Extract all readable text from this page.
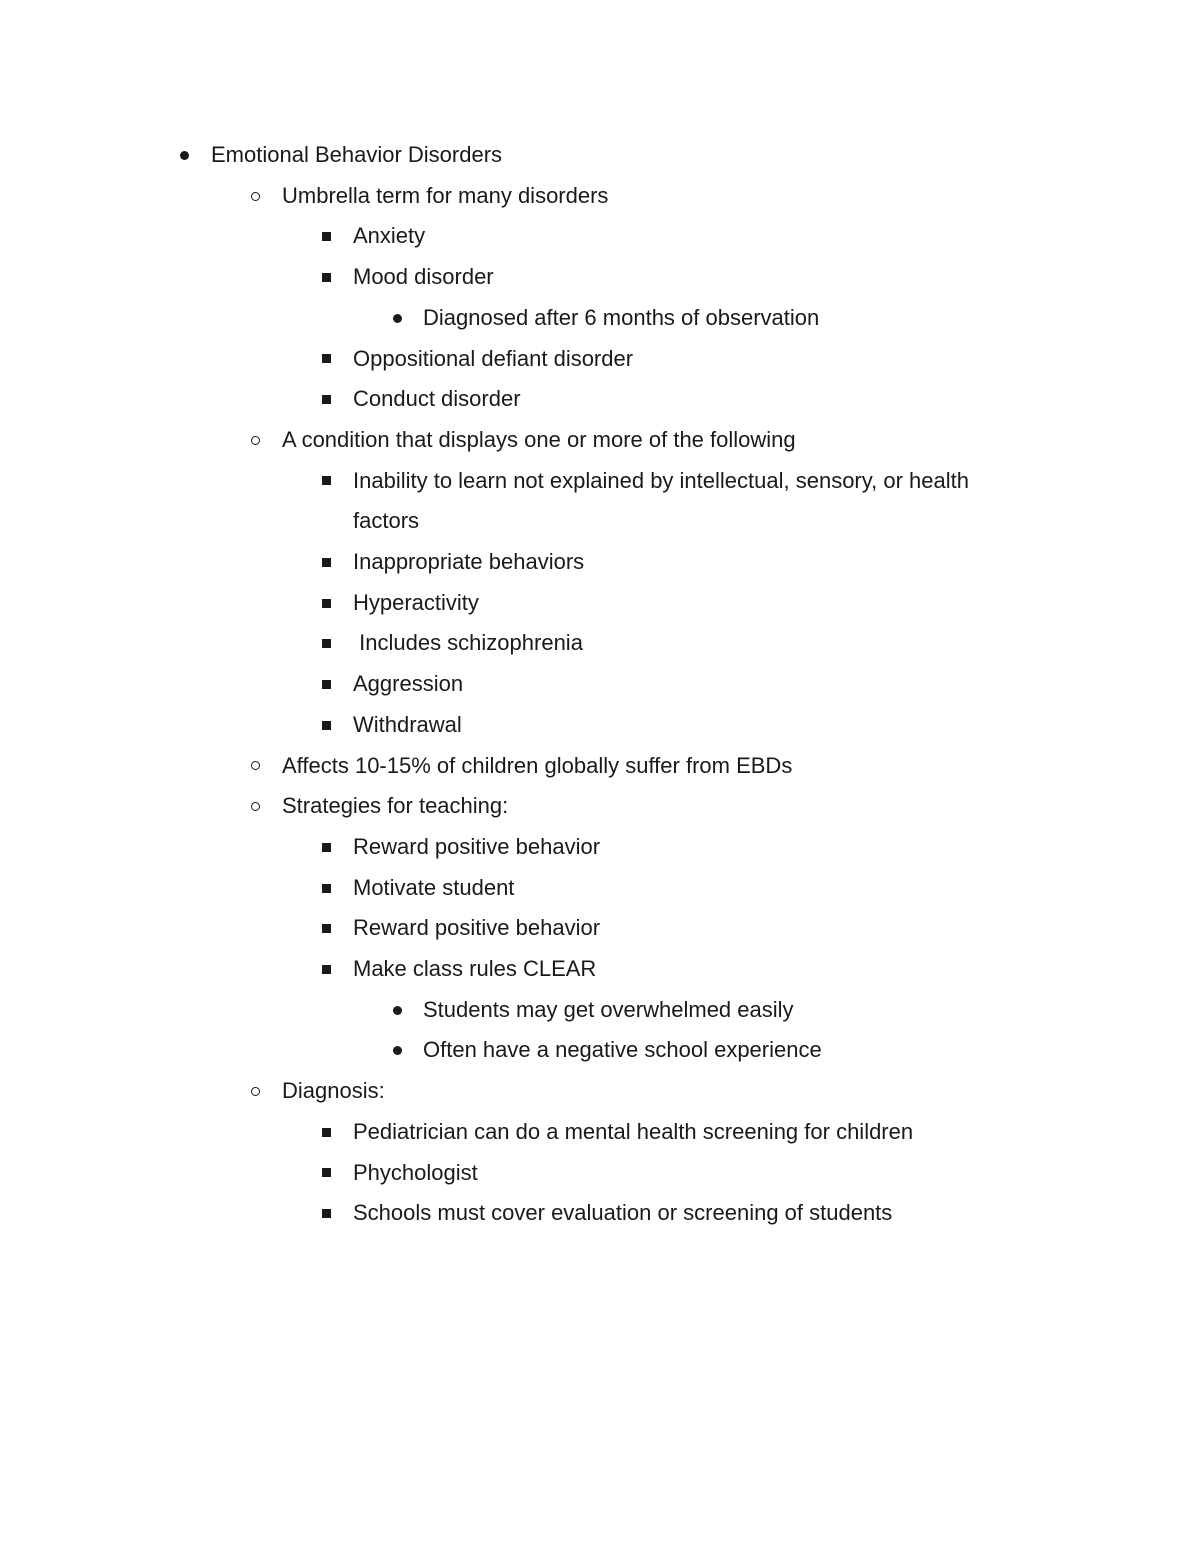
Emotional Behavior Disorders
Umbrella term for many disorders
Anxiety
Mood disorder
Diagnosed after 6 months of observation
Oppositional defiant disorder
Conduct disorder
A condition that displays one or more of the following
Inability to learn not explained by intellectual, sensory, or health factors
Inappropriate behaviors
Hyperactivity
Includes schizophrenia
Aggression
Withdrawal
Affects 10-15% of children globally suffer from EBDs
Strategies for teaching:
Reward positive behavior
Motivate student
Reward positive behavior
Make class rules CLEAR
Students may get overwhelmed easily
Often have a negative school experience
Diagnosis:
Pediatrician can do a mental health screening for children
Phychologist
Schools must cover evaluation or screening of students
